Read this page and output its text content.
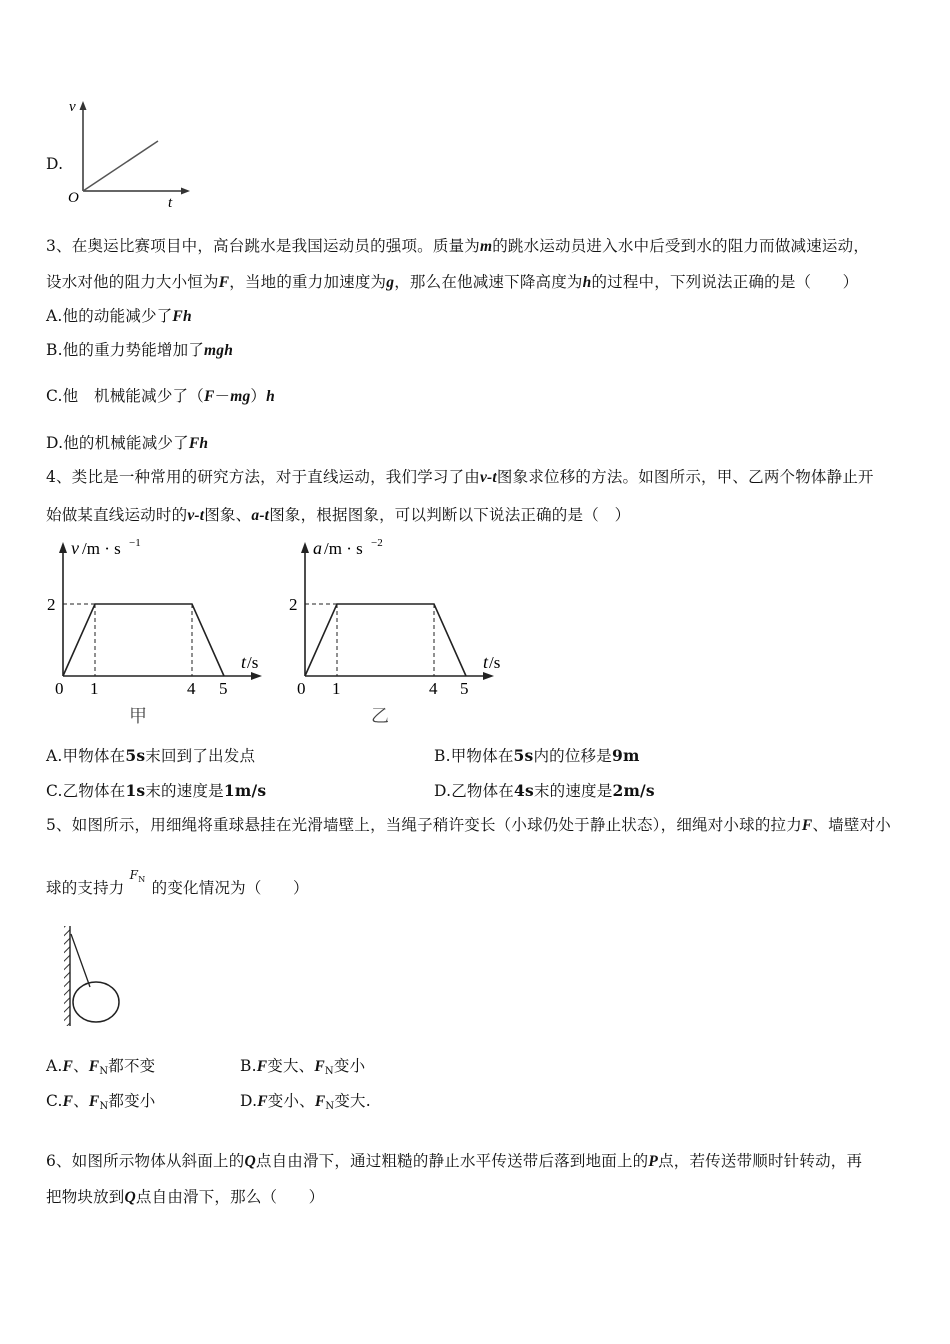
D.
v
t
O
3、在奥运比赛项目中，高台跳水是我国运动员的强项。质量为m的跳水运动员进入水中后受到水的阻力而做减速运动，
设水对他的阻力大小恒为F，当地的重力加速度为g，那么在他减速下降高度为h的过程中，下列说法正确的是（　　）
A.他的动能减少了Fh
B.他的重力势能增加了mgh
C.他　机械能减少了（F－mg）h
D.他的机械能减少了Fh
4、类比是一种常用的研究方法，对于直线运动，我们学习了由v-t图象求位移的方法。如图所示，甲、乙两个物体静止开
始做某直线运动时的v-t图象、a-t图象，根据图象，可以判断以下说法正确的是（　）
v /m · s −1
2
t /s
0 1	4 5
甲
a /m · s −2
2
t /s
0 1	4 5
乙
A.甲物体在5s末回到了出发点	B.甲物体在5s内的位移是9m
C.乙物体在1s末的速度是1m/s	D.乙物体在4s末的速度是2m/s
5、如图所示，用细绳将重球悬挂在光滑墙壁上，当绳子稍许变长（小球仍处于静止状态），细绳对小球的拉力F、墙壁对小
球的支持力 $F_N$ 的变化情况为（　　）
A.F、$F_N$都不变	B.F变大、$F_N$变小
C.F、$F_N$都变小	D.F变小、$F_N$变大.
6、如图所示物体从斜面上的Q点自由滑下，通过粗糙的静止水平传送带后落到地面上的P点，若传送带顺时针转动，再
把物块放到Q点自由滑下，那么（　　）
